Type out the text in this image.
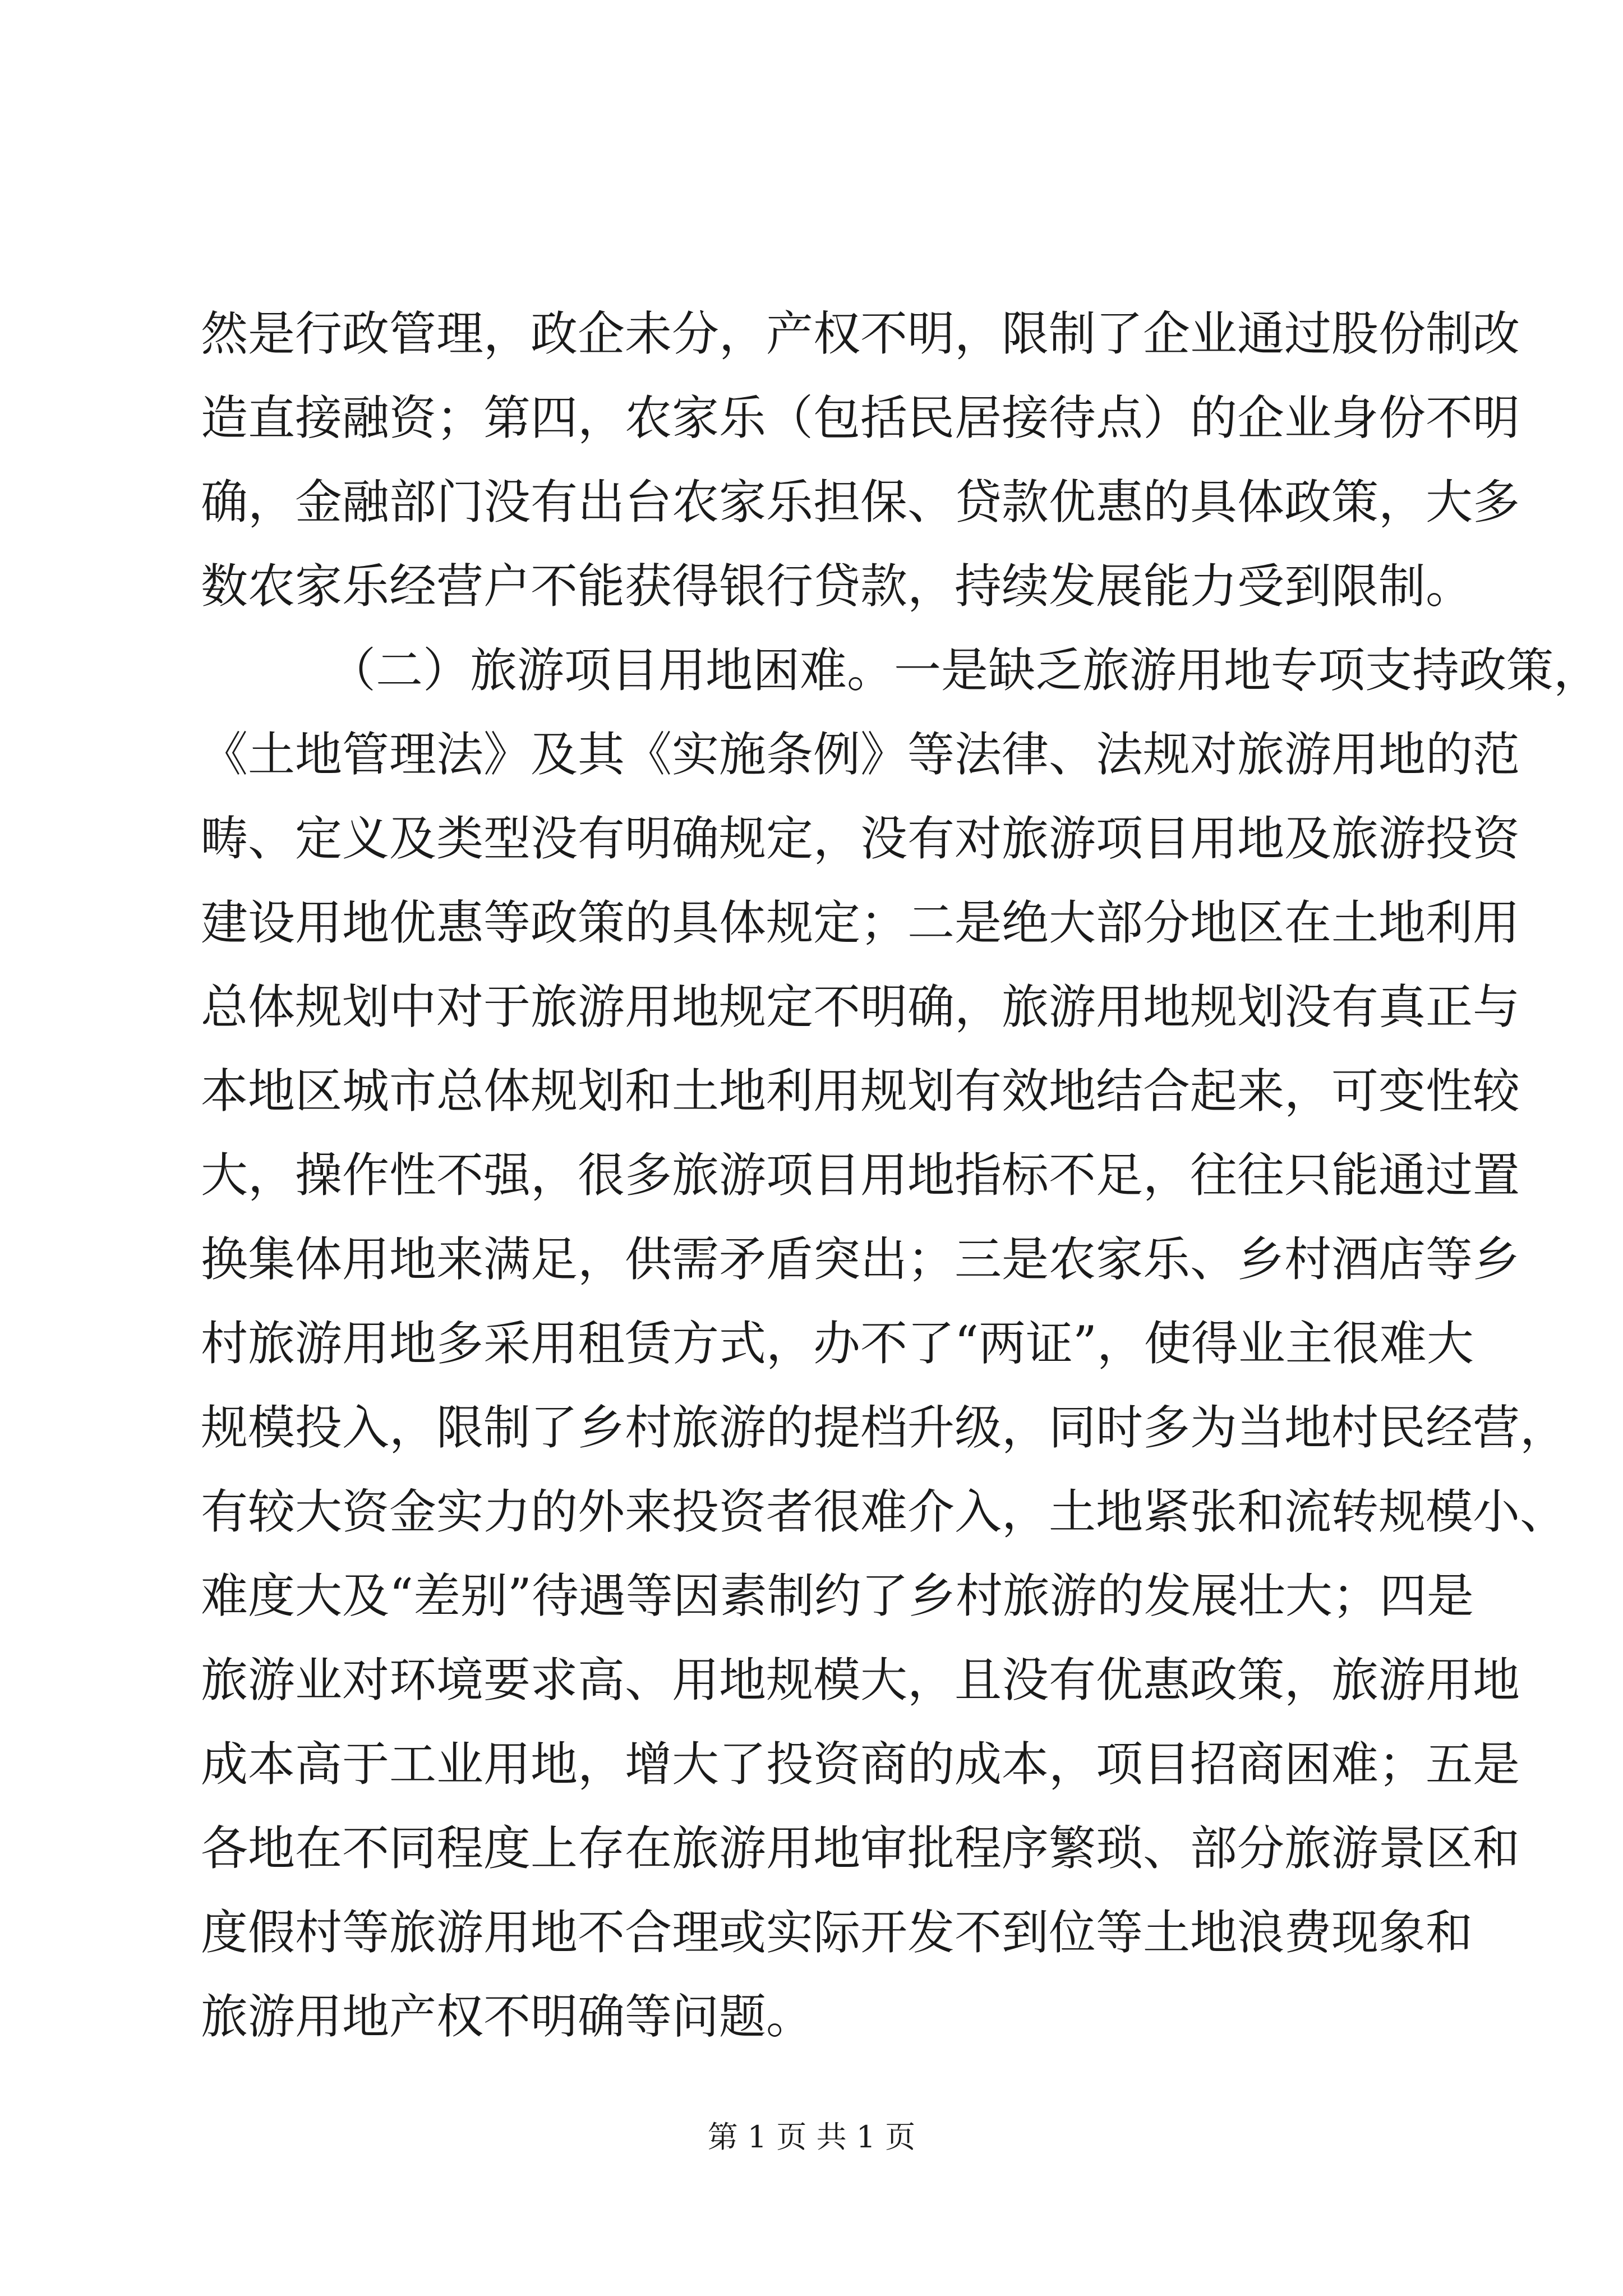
然是行政管理，政企未分，产权不明，限制了企业通过股份制改
造直接融资；第四，农家乐（包括民居接待点）的企业身份不明
确，金融部门没有出台农家乐担保、贷款优惠的具体政策，大多
数农家乐经营户不能获得银行贷款，持续发展能力受到限制。
（二）旅游项目用地困难。一是缺乏旅游用地专项支持政策，
《土地管理法》及其《实施条例》等法律、法规对旅游用地的范
畴、定义及类型没有明确规定，没有对旅游项目用地及旅游投资
建设用地优惠等政策的具体规定；二是绝大部分地区在土地利用
总体规划中对于旅游用地规定不明确，旅游用地规划没有真正与
本地区城市总体规划和土地利用规划有效地结合起来，可变性较
大，操作性不强，很多旅游项目用地指标不足，往往只能通过置
换集体用地来满足，供需矛盾突出；三是农家乐、乡村酒店等乡
村旅游用地多采用租赁方式，办不了“两证”，使得业主很难大
规模投入，限制了乡村旅游的提档升级，同时多为当地村民经营，
有较大资金实力的外来投资者很难介入，土地紧张和流转规模小、
难度大及“差别”待遇等因素制约了乡村旅游的发展壮大；四是
旅游业对环境要求高、用地规模大，且没有优惠政策，旅游用地
成本高于工业用地，增大了投资商的成本，项目招商困难；五是
各地在不同程度上存在旅游用地审批程序繁琐、部分旅游景区和
度假村等旅游用地不合理或实际开发不到位等土地浪费现象和
旅游用地产权不明确等问题。
第 1 页 共 1 页
